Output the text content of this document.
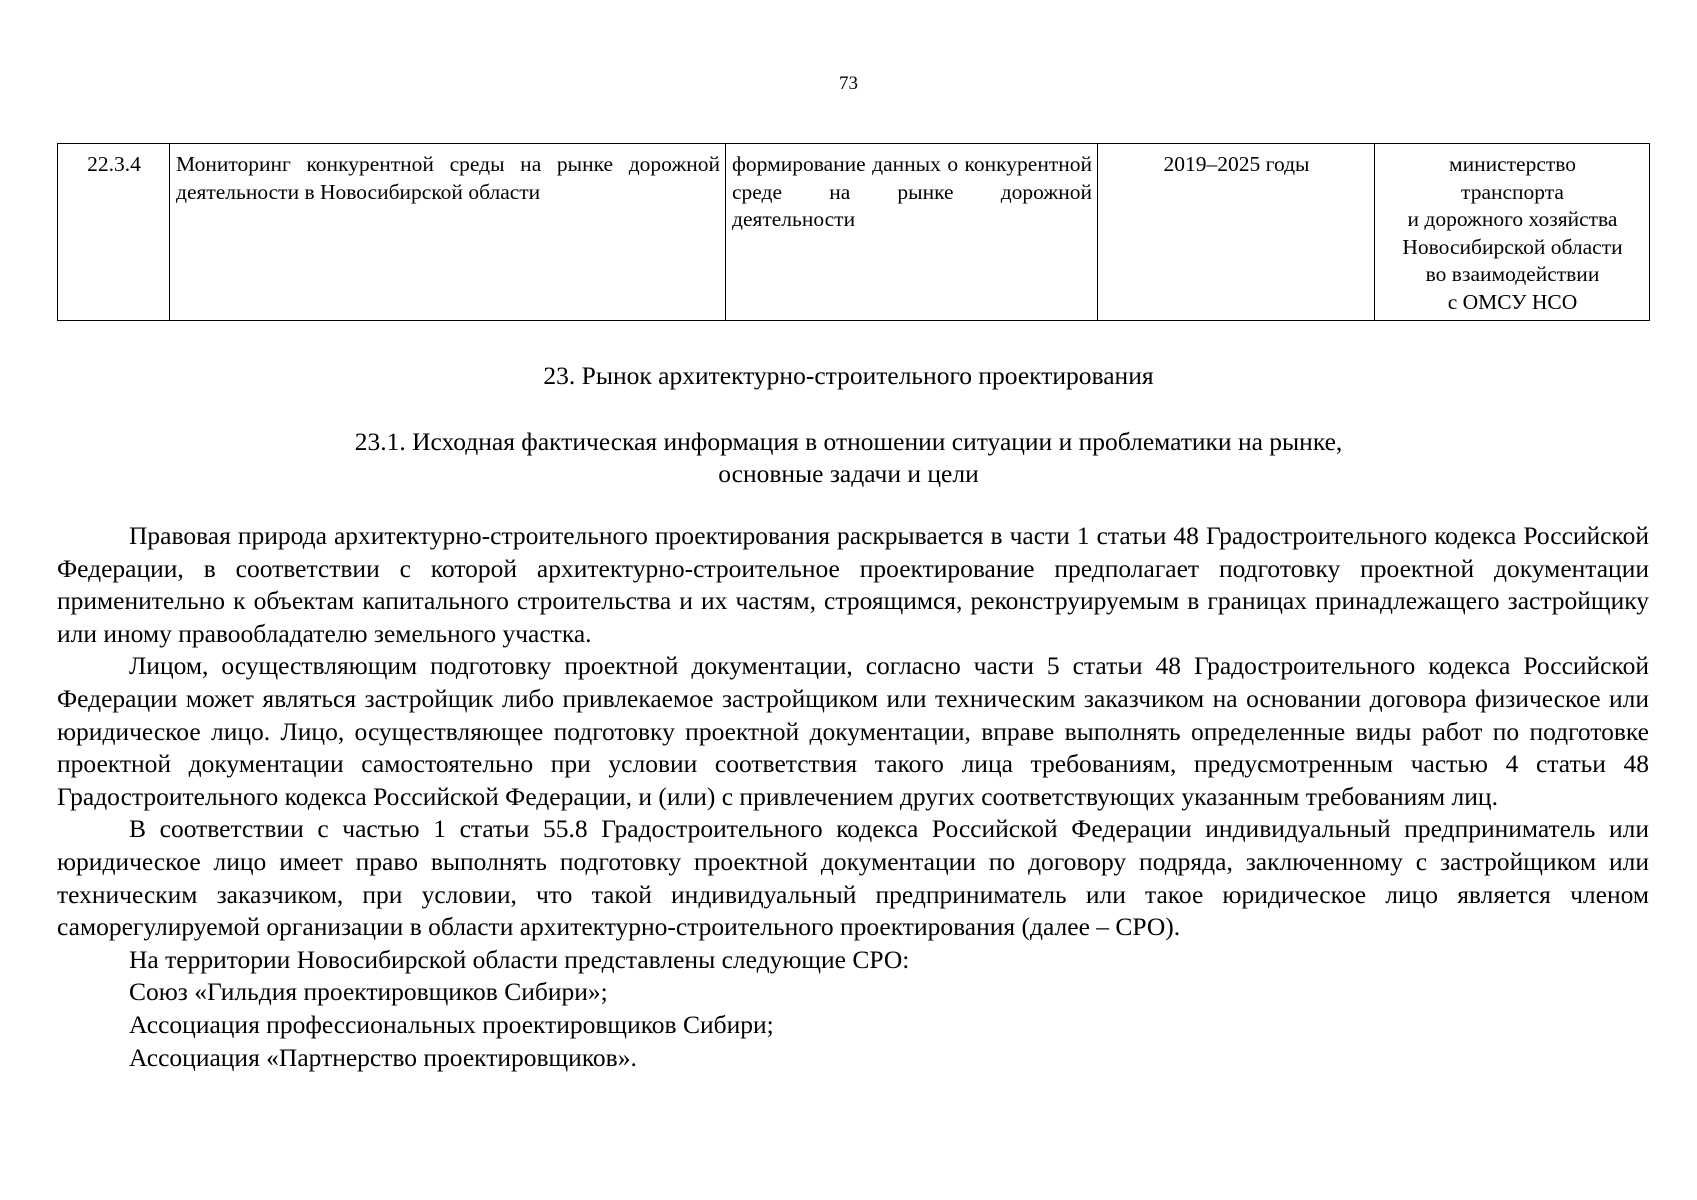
73
22.3.4	Мониторинг конкурентной среды на рынке дорожной деятельности в Новосибирской области	формирование данных о конкурентной среде на рынке дорожной деятельности	2019–2025 годы	министерство
транспорта
и дорожного хозяйства
Новосибирской области
во взаимодействии
с ОМСУ НСО
23. Рынок архитектурно-строительного проектирования
23.1. Исходная фактическая информация в отношении ситуации и проблематики на рынке,
основные задачи и цели

Правовая природа архитектурно-строительного проектирования раскрывается в части 1 статьи 48 Градостроительного кодекса Российской Федерации, в соответствии с которой архитектурно-строительное проектирование предполагает подготовку проектной документации применительно к объектам капитального строительства и их частям, строящимся, реконструируемым в границах принадлежащего застройщику или иному правообладателю земельного участка.

Лицом, осуществляющим подготовку проектной документации, согласно части 5 статьи 48 Градостроительного кодекса Российской Федерации может являться застройщик либо привлекаемое застройщиком или техническим заказчиком на основании договора физическое или юридическое лицо. Лицо, осуществляющее подготовку проектной документации, вправе выполнять определенные виды работ по подготовке проектной документации самостоятельно при условии соответствия такого лица требованиям, предусмотренным частью 4 статьи 48 Градостроительного кодекса Российской Федерации, и (или) с привлечением других соответствующих указанным требованиям лиц.

В соответствии с частью 1 статьи 55.8 Градостроительного кодекса Российской Федерации индивидуальный предприниматель или юридическое лицо имеет право выполнять подготовку проектной документации по договору подряда, заключенному с застройщиком или техническим заказчиком, при условии, что такой индивидуальный предприниматель или такое юридическое лицо является членом саморегулируемой организации в области архитектурно-строительного проектирования (далее – СРО).

На территории Новосибирской области представлены следующие СРО:

Союз «Гильдия проектировщиков Сибири»;

Ассоциация профессиональных проектировщиков Сибири;

Ассоциация «Партнерство проектировщиков».
